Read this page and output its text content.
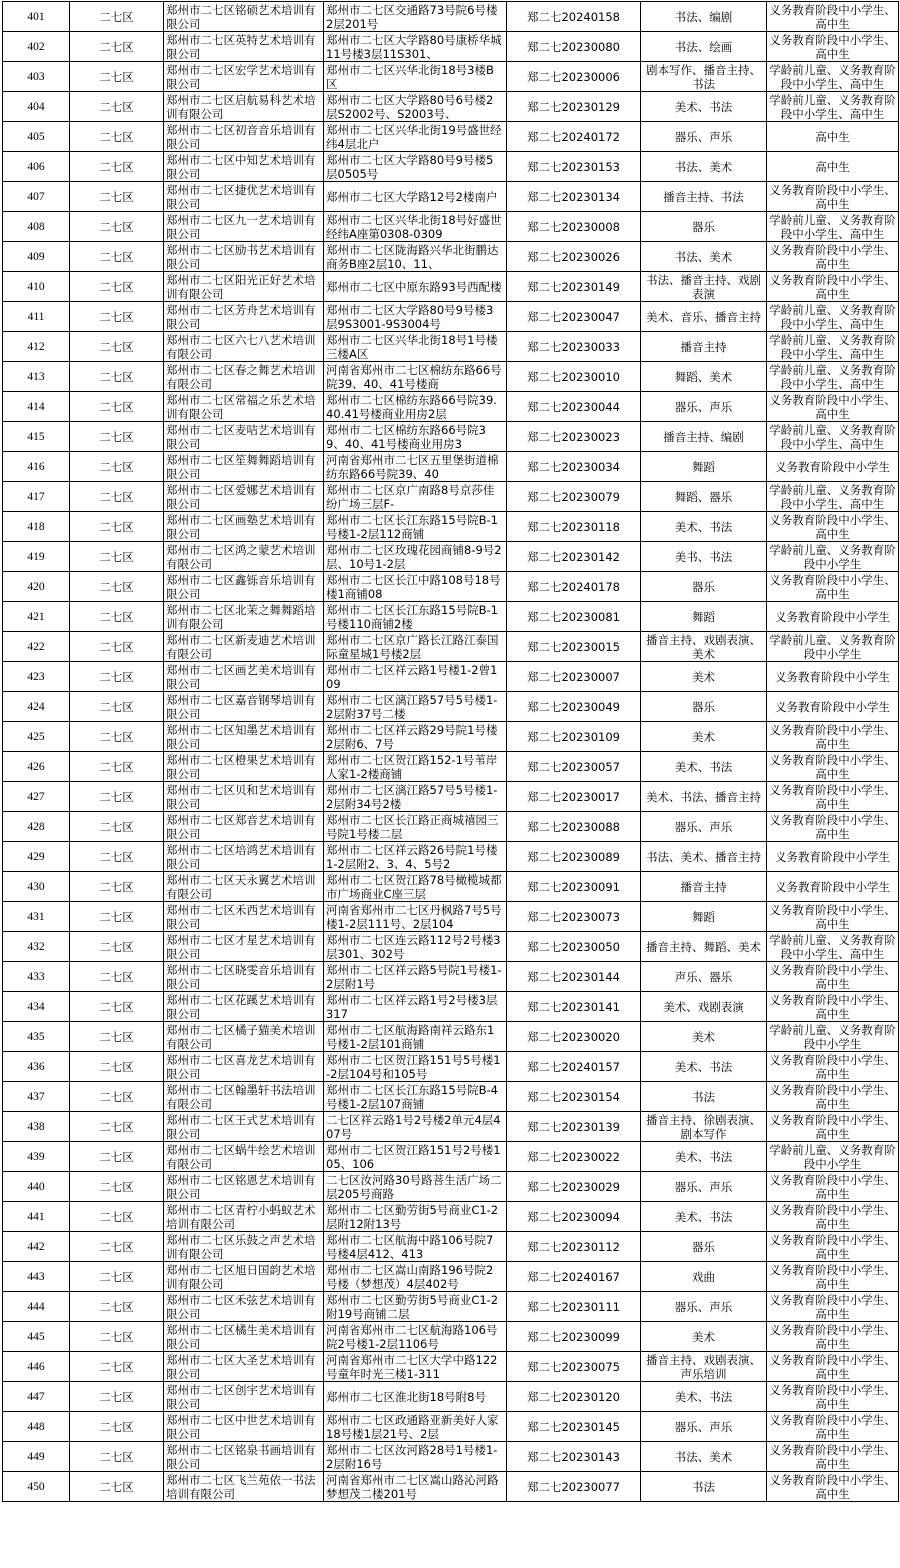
401	二七区	郑州市二七区铭硕艺术培训有限公司	郑州市二七区交通路73号院6号楼2层201号	郑二七20240158	书法、编剧	义务教育阶段中小学生、高中生

402	二七区	郑州市二七区英特艺术培训有限公司	郑州市二七区大学路80号康桥华城11号楼3层11S301、	郑二七20230080	书法、绘画	义务教育阶段中小学生、高中生

403	二七区	郑州市二七区宏学艺术培训有限公司	郑州市二七区兴华北街18号3楼B区	郑二七20230006	剧本写作、播音主持、书法	学龄前儿童、义务教育阶段中小学生、高中生

404	二七区	郑州市二七区启航易科艺术培训有限公司	郑州市二七区大学路80号6号楼2层S2002号、S2003号、	郑二七20230129	美术、书法	学龄前儿童、义务教育阶段中小学生、高中生

405	二七区	郑州市二七区初音音乐培训有限公司	郑州市二七区兴华北街19号盛世经纬4层北户	郑二七20240172	器乐、声乐	高中生

406	二七区	郑州市二七区中知艺术培训有限公司	郑州市二七区大学路80号9号楼5层0505号	郑二七20230153	书法、美术	高中生

407	二七区	郑州市二七区捷优艺术培训有限公司	郑州市二七区大学路12号2楼南户	郑二七20230134	播音主持、书法	义务教育阶段中小学生、高中生

408	二七区	郑州市二七区九一艺术培训有限公司	郑州市二七区兴华北街18号好盛世经纬A座第0308-0309	郑二七20230008	器乐	学龄前儿童、义务教育阶段中小学生、高中生

409	二七区	郑州市二七区励书艺术培训有限公司	郑州市二七区陇海路兴华北街鹏达商务B座2层10、11、	郑二七20230026	书法、美术	义务教育阶段中小学生、高中生

410	二七区	郑州市二七区阳光正好艺术培训有限公司	郑州市二七区中原东路93号西配楼	郑二七20230149	书法、播音主持、戏剧表演	义务教育阶段中小学生、高中生

411	二七区	郑州市二七区芳舟艺术培训有限公司	郑州市二七区大学路80号9号楼3层9S3001-9S3004号	郑二七20230047	美术、音乐、播音主持	学龄前儿童、义务教育阶段中小学生、高中生

412	二七区	郑州市二七区六七八艺术培训有限公司	郑州市二七区兴华北街18号1号楼三楼A区	郑二七20230033	播音主持	学龄前儿童、义务教育阶段中小学生、高中生

413	二七区	郑州市二七区春之舞艺术培训有限公司	河南省郑州市二七区棉纺东路66号院39、40、41号楼商	郑二七20230010	舞蹈、美术	学龄前儿童、义务教育阶段中小学生、高中生

414	二七区	郑州市二七区常福之乐艺术培训有限公司	郑州市二七区棉纺东路66号院39.40.41号楼商业用房2层	郑二七20230044	器乐、声乐	义务教育阶段中小学生、高中生

415	二七区	郑州市二七区麦咭艺术培训有限公司	郑州市二七区棉纺东路66号院39、40、41号楼商业用房3	郑二七20230023	播音主持、编剧	学龄前儿童、义务教育阶段中小学生、高中生

416	二七区	郑州市二七区笙舞舞蹈培训有限公司	河南省郑州市二七区五里堡街道棉纺东路66号院39、40	郑二七20230034	舞蹈	义务教育阶段中小学生

417	二七区	郑州市二七区爱娜艺术培训有限公司	郑州市二七区京广南路8号京莎佳纷广场三层F-	郑二七20230079	舞蹈、器乐	学龄前儿童、义务教育阶段中小学生、高中生

418	二七区	郑州市二七区画塾艺术培训有限公司	郑州市二七区长江东路15号院B-1号楼1-2层112商铺	郑二七20230118	美术、书法	义务教育阶段中小学生、高中生

419	二七区	郑州市二七区鸿之蒙艺术培训有限公司	郑州市二七区玫瑰花园商铺8-9号2层、10号1-2层	郑二七20230142	美书、书法	学龄前儿童、义务教育阶段中小学生

420	二七区	郑州市二七区鑫铄音乐培训有限公司	郑州市二七区长江中路108号18号楼1商铺08	郑二七20240178	器乐	义务教育阶段中小学生、高中生

421	二七区	郑州市二七区北茉之舞舞蹈培训有限公司	郑州市二七区长江东路15号院B-1号楼110商铺2楼	郑二七20230081	舞蹈	义务教育阶段中小学生

422	二七区	郑州市二七区新麦迪艺术培训有限公司	郑州市二七区京广路长江路江泰国际童星城1号楼2层	郑二七20230015	播音主持、戏剧表演、美术	学龄前儿童、义务教育阶段中小学生

423	二七区	郑州市二七区画艺美术培训有限公司	郑州市二七区祥云路1号楼1-2曾109	郑二七20230007	美术	义务教育阶段中小学生

424	二七区	郑州市二七区嘉音钢琴培训有限公司	郑州市二七区漓江路57号5号楼1-2层附37号二楼	郑二七20230049	器乐	义务教育阶段中小学生

425	二七区	郑州市二七区知墨艺术培训有限公司	郑州市二七区祥云路29号院1号楼2层附6、7号	郑二七20230109	美术	义务教育阶段中小学生、高中生

426	二七区	郑州市二七区橙果艺术培训有限公司	郑州市二七区贺江路152-1号苇岸人家1-2楼商铺	郑二七20230057	美术、书法	义务教育阶段中小学生、高中生

427	二七区	郑州市二七区贝和艺术培训有限公司	郑州市二七区漓江路57号5号楼1-2层附34号2楼	郑二七20230017	美术、书法、播音主持	义务教育阶段中小学生、高中生

428	二七区	郑州市二七区郑音艺术培训有限公司	郑州市二七区长江路正商城禧园三号院1号楼二层	郑二七20230088	器乐、声乐	义务教育阶段中小学生、高中生

429	二七区	郑州市二七区培鸿艺术培训有限公司	郑州市二七区祥云路26号院1号楼1-2层附2、3、4、5号2	郑二七20230089	书法、美术、播音主持	义务教育阶段中小学生

430	二七区	郑州市二七区天永翼艺术培训有限公司	郑州市二七区贺江路78号橄榄城都市广场商业C座三层	郑二七20230091	播音主持	义务教育阶段中小学生

431	二七区	郑州市二七区禾西艺术培训有限公司	河南省郑州市二七区丹枫路7号5号楼1-2层111号、2层104	郑二七20230073	舞蹈	义务教育阶段中小学生、高中生

432	二七区	郑州市二七区才星艺术培训有限公司	郑州市二七区连云路112号2号楼3层301、302号	郑二七20230050	播音主持、舞蹈、美术	学龄前儿童、义务教育阶段中小学生、高中生

433	二七区	郑州市二七区晓雯音乐培训有限公司	郑州市二七区祥云路5号院1号楼1-2层附1号	郑二七20230144	声乐、器乐	义务教育阶段中小学生、高中生

434	二七区	郑州市二七区花蹊艺术培训有限公司	郑州市二七区祥云路1号2号楼3层317	郑二七20230141	美术、戏剧表演	义务教育阶段中小学生、高中生

435	二七区	郑州市二七区橘子猫美术培训有限公司	郑州市二七区航海路南祥云路东1号楼1-2层101商铺	郑二七20230020	美术	学龄前儿童、义务教育阶段中小学生

436	二七区	郑州市二七区喜龙艺术培训有限公司	郑州市二七区贺江路151号5号楼1-2层104号和105号	郑二七20240157	美术、书法	义务教育阶段中小学生、高中生

437	二七区	郑州市二七区翰墨轩书法培训有限公司	郑州市二七区长江东路15号院B-4号楼1-2层107商铺	郑二七20230154	书法	义务教育阶段中小学生、高中生

438	二七区	郑州市二七区王式艺术培训有限公司	二七区祥云路1号2号楼2单元4层407号	郑二七20230139	播音主持、徐剧表演、剧本写作	义务教育阶段中小学生、高中生

439	二七区	郑州市二七区蜗牛绘艺术培训有限公司	郑州市二七区贺江路151号2号楼105、106	郑二七20230022	美术、书法	学龄前儿童、义务教育阶段中小学生

440	二七区	郑州市二七区铭恩艺术培训有限公司	二七区汝河路30号路菩生活广场二层205号商路	郑二七20230029	器乐、声乐	义务教育阶段中小学生、高中生

441	二七区	郑州市二七区青柠小蚂蚁艺术培训有限公司	郑州市二七区勤劳街5号商业C1-2层附12附13号	郑二七20230094	美术、书法	义务教育阶段中小学生、高中生

442	二七区	郑州市二七区乐鼓之声艺术培训有限公司	郑州市二七区航海中路106号院7号楼4层412、413	郑二七20230112	器乐	义务教育阶段中小学生、高中生

443	二七区	郑州市二七区旭日国韵艺术培训有限公司	郑州市二七区嵩山南路196号院2号楼（梦想茂）4层402号	郑二七20240167	戏曲	义务教育阶段中小学生、高中生

444	二七区	郑州市二七区禾弦艺术培训有限公司	郑州市二七区勤劳街5号商业C1-2附19号商铺二层	郑二七20230111	器乐、声乐	义务教育阶段中小学生、高中生

445	二七区	郑州市二七区橘生美术培训有限公司	河南省郑州市二七区航海路106号院2号楼1-2层1106号	郑二七20230099	美术	义务教育阶段中小学生、高中生

446	二七区	郑州市二七区大圣艺术培训有限公司	河南省郑州市二七区大学中路122号童年时光三楼1-311	郑二七20230075	播音主持、戏剧表演、声乐培训	义务教育阶段中小学生、高中生

447	二七区	郑州市二七区创宇艺术培训有限公司	郑州市二七区淮北街18号附8号	郑二七20230120	美术、书法	义务教育阶段中小学生、高中生

448	二七区	郑州市二七区中世艺术培训有限公司	郑州市二七区政通路亚新美好人家18号楼1层21号、2层	郑二七20230145	器乐、声乐	义务教育阶段中小学生、高中生

449	二七区	郑州市二七区铭泉书画培训有限公司	郑州市二七区汝河路28号1号楼1-2层附16号	郑二七20230143	书法、美术	义务教育阶段中小学生、高中生

450	二七区	郑州市二七区飞兰苑依一书法培训有限公司	河南省郑州市二七区嵩山路沁河路梦想茂二楼201号	郑二七20230077	书法	义务教育阶段中小学生、高中生
